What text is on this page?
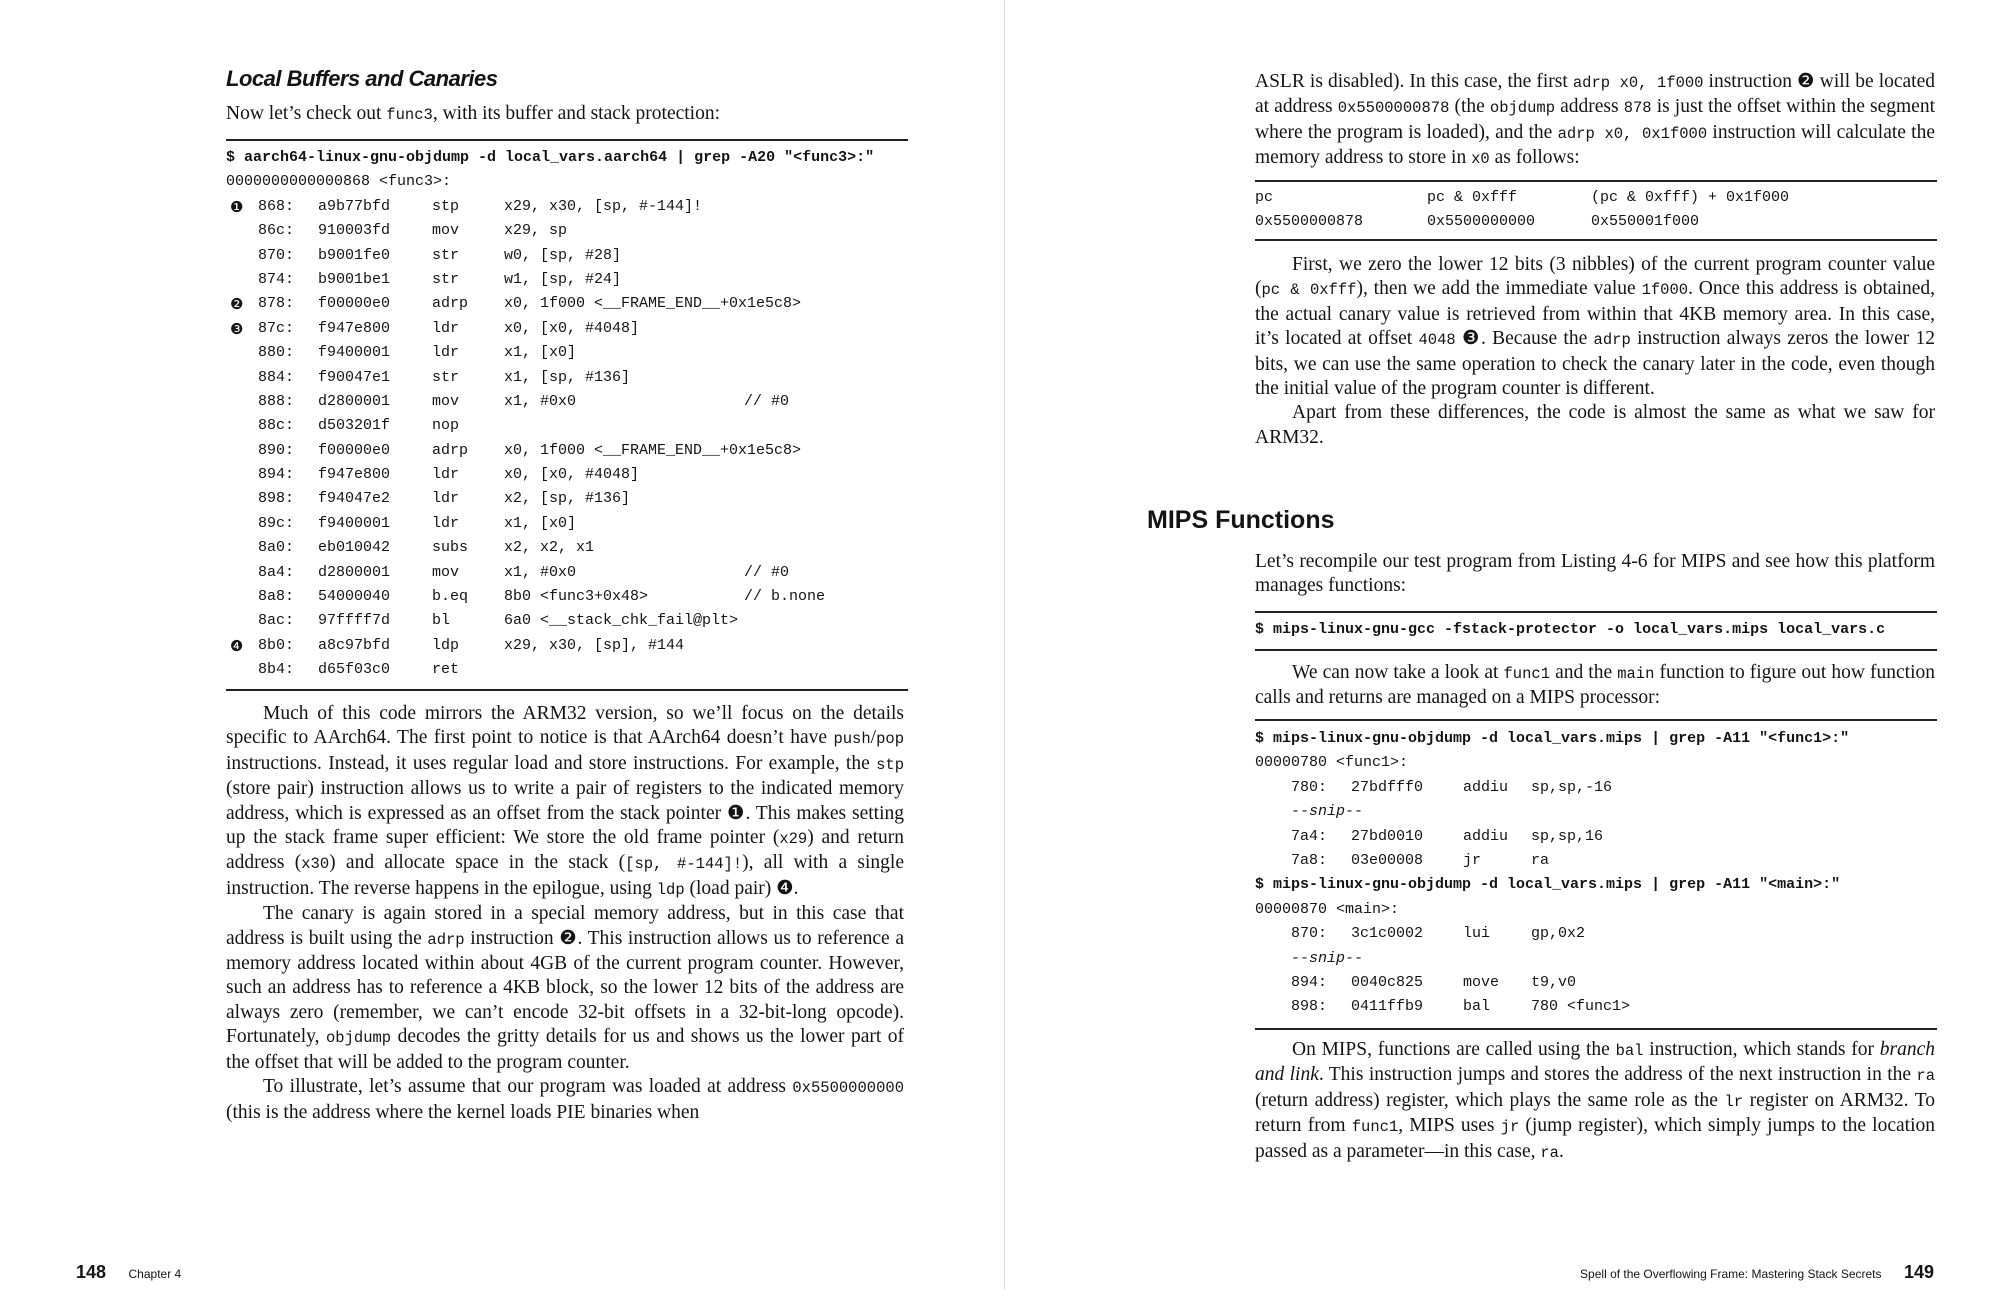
Local Buffers and Canaries
Now let’s check out func3, with its buffer and stack protection:
$ aarch64-linux-gnu-objdump -d local_vars.aarch64 | grep -A20 "<func3>:"
0000000000000868 <func3>:
❶ 868: a9b77bfd	stp	x29, x30, [sp, #-144]!
86c: 910003fd	mov	x29, sp
870: b9001fe0	str	w0, [sp, #28]
874: b9001be1	str	w1, [sp, #24]
❷ 878: f00000e0	adrp x0, 1f000 <__FRAME_END__+0x1e5c8>
❸ 87c: f947e800	ldr	x0, [x0, #4048]
880: f9400001	ldr	x1, [x0]
884: f90047e1	str	x1, [sp, #136]
888: d2800001	mov	x1, #0x0	// #0
88c: d503201f	nop
890: f00000e0	adrp x0, 1f000 <__FRAME_END__+0x1e5c8>
894: f947e800	ldr	x0, [x0, #4048]
898: f94047e2	ldr	x2, [sp, #136]
89c: f9400001	ldr	x1, [x0]
8a0: eb010042	subs x2, x2, x1
8a4: d2800001	mov	x1, #0x0	// #0
8a8: 54000040	b.eq 8b0 <func3+0x48>	// b.none
8ac: 97ffff7d	bl	6a0 <__stack_chk_fail@plt>
❹ 8b0: a8c97bfd	ldp	x29, x30, [sp], #144
8b4: d65f03c0	ret

Much of this code mirrors the ARM32 version, so we’ll focus on the details specific to AArch64. The first point to notice is that AArch64 doesn’t have push/pop instructions. Instead, it uses regular load and store instructions. For example, the stp (store pair) instruction allows us to write a pair of registers to the indicated memory address, which is expressed as an offset from the stack pointer ❶. This makes setting up the stack frame super efficient: We store the old frame pointer (x29) and return address (x30) and allocate space in the stack ([sp, #-144]!), all with a single instruction. The reverse happens in the epilogue, using ldp (load pair) ❹.

The canary is again stored in a special memory address, but in this case that address is built using the adrp instruction ❷. This instruction allows us to reference a memory address located within about 4GB of the current program counter. However, such an address has to reference a 4KB block, so the lower 12 bits of the address are always zero (remember, we can’t encode 32-bit offsets in a 32-bit-long opcode). Fortunately, objdump decodes the gritty details for us and shows us the lower part of the offset that will be added to the program counter.

To illustrate, let’s assume that our program was loaded at address 0x5500000000 (this is the address where the kernel loads PIE binaries when

148 Chapter 4

ASLR is disabled). In this case, the first adrp x0, 1f000 instruction ❷ will be located at address 0x5500000878 (the objdump address 878 is just the offset within the segment where the program is loaded), and the adrp x0, 0x1f000 instruction will calculate the memory address to store in x0 as follows:

pc	pc & 0xfff	(pc & 0xfff) + 0x1f000
0x5500000878	0x5500000000	0x550001f000

First, we zero the lower 12 bits (3 nibbles) of the current program counter value (pc & 0xfff), then we add the immediate value 1f000. Once this address is obtained, the actual canary value is retrieved from within that 4KB memory area. In this case, it’s located at offset 4048 ❸. Because the adrp instruction always zeros the lower 12 bits, we can use the same operation to check the canary later in the code, even though the initial value of the program counter is different.

Apart from these differences, the code is almost the same as what we saw for ARM32.

MIPS Functions
Let’s recompile our test program from Listing 4-6 for MIPS and see how this platform manages functions:
$ mips-linux-gnu-gcc -fstack-protector -o local_vars.mips local_vars.c

We can now take a look at func1 and the main function to figure out how function calls and returns are managed on a MIPS processor:

$ mips-linux-gnu-objdump -d local_vars.mips | grep -A11 "<func1>:"
00000780 <func1>:
780: 27bdfff0	addiu sp,sp,-16
--snip--
7a4: 27bd0010	addiu sp,sp,16
7a8: 03e00008	jr	ra
$ mips-linux-gnu-objdump -d local_vars.mips | grep -A11 "<main>:"
00000870 <main>:
870: 3c1c0002	lui	gp,0x2
--snip--
894: 0040c825	move t9,v0
898: 0411ffb9	bal	780 <func1>

On MIPS, functions are called using the bal instruction, which stands for branch and link. This instruction jumps and stores the address of the next instruction in the ra (return address) register, which plays the same role as the lr register on ARM32. To return from func1, MIPS uses jr (jump register), which simply jumps to the location passed as a parameter—in this case, ra.

Spell of the Overflowing Frame: Mastering Stack Secrets 149
